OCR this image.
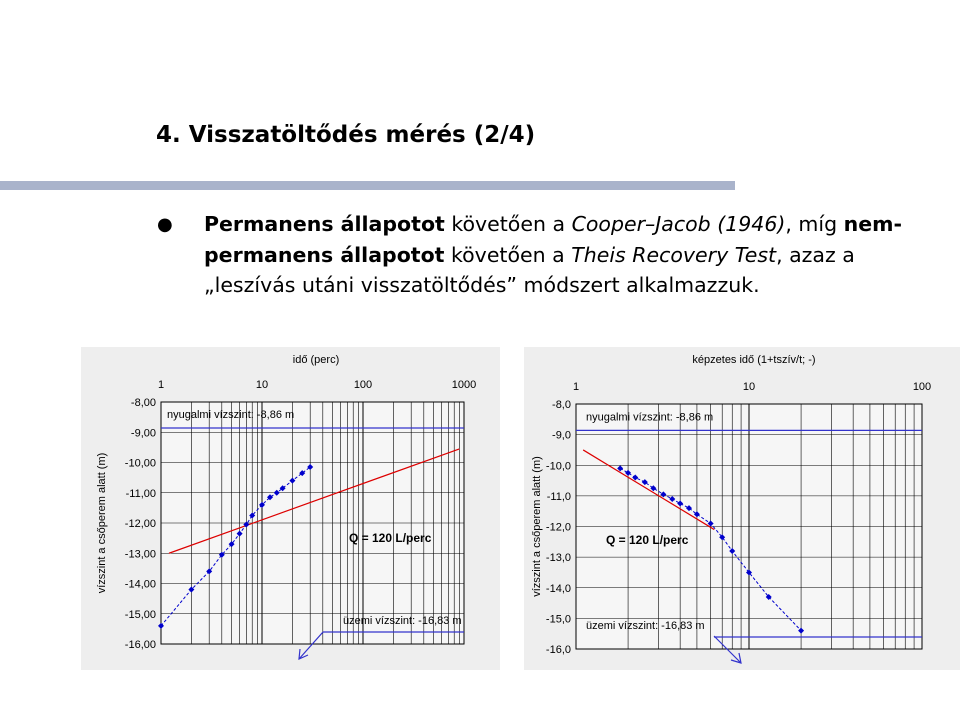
4. Visszatöltődés mérés (2/4)
● Permanens állapotot követően a Cooper–Jacob (1946), míg nem-permanens állapotot követően a Theis Recovery Test, azaz a „leszívás utáni visszatöltődés” módszert alkalmazzuk.

-8,00
-9,00
-10,00
-11,00
-12,00
-13,00
-14,00
-15,00
-16,00
1	10	100	1000
idő (perc)
vízszint a csőperem alatt (m)
nyugalmi vízszint: -8,86 m
Q = 120 L/perc
üzemi vízszint: -16,83 m
-8,0
-9,0
-10,0
-11,0
-12,0
-13,0
-14,0
-15,0
-16,0
1	10	100
képzetes idő (1+tszív/t; -)
vízszint a csőperem alatt (m)
nyugalmi vízszint: -8,86 m
Q = 120 L/perc
üzemi vízszint: -16,83 m
